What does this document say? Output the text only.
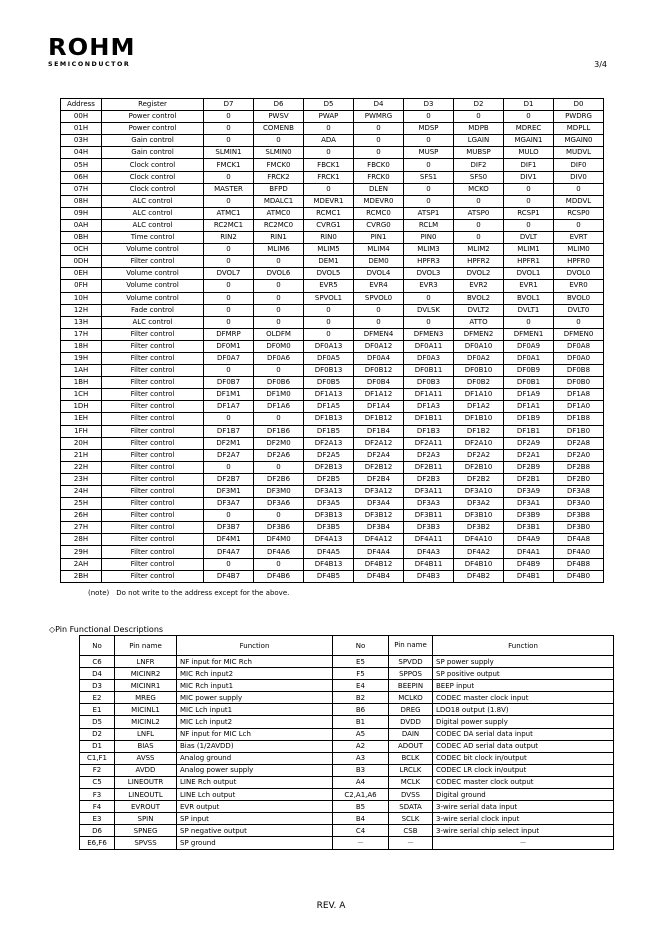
ROHM
SEMICONDUCTOR	3/4
Address	Register	D7	D6	D5	D4	D3	D2	D1	D0
00H	Power control	0	PWSV	PWAP	PWMRG	0	0	0	PWDRG
01H	Power control	0	COMENB	0	0	MDSP	MDPB	MDREC	MDPLL
03H	Gain control	0	0	ADA	0	0	LGAIN	MGAIN1	MGAIN0
04H	Gain control	SLMIN1	SLMIN0	0	0	MUSP	MUBSP	MULO	MUDVL
05H	Clock control	FMCK1	FMCK0	FBCK1	FBCK0	0	DIF2	DIF1	DIF0
06H	Clock control	0	FRCK2	FRCK1	FRCK0	SFS1	SFS0	DIV1	DIV0
07H	Clock control	MASTER	BFPD	0	DLEN	0	MCKO	0	0
08H	ALC control	0	MDALC1	MDEVR1	MDEVR0	0	0	0	MDDVL
09H	ALC control	ATMC1	ATMC0	RCMC1	RCMC0	ATSP1	ATSP0	RCSP1	RCSP0
0AH	ALC control	RC2MC1	RC2MC0	CVRG1	CVRG0	RCLM	0	0	0
0BH	Time control	RIN2	RIN1	RIN0	PIN1	PIN0	0	DVLT	EVRT
0CH	Volume control	0	MLIM6	MLIM5	MLIM4	MLIM3	MLIM2	MLIM1	MLIM0
0DH	Filter control	0	0	DEM1	DEM0	HPFR3	HPFR2	HPFR1	HPFR0
0EH	Volume control	DVOL7	DVOL6	DVOL5	DVOL4	DVOL3	DVOL2	DVOL1	DVOL0
0FH	Volume control	0	0	EVR5	EVR4	EVR3	EVR2	EVR1	EVR0
10H	Volume control	0	0	SPVOL1	SPVOL0	0	BVOL2	BVOL1	BVOL0
12H	Fade control	0	0	0	0	DVLSK	DVLT2	DVLT1	DVLT0
13H	ALC control	0	0	0	0	0	ATTO	0	0
17H	Filter control	DFMRP	OLDFM	0	DFMEN4	DFMEN3	DFMEN2	DFMEN1	DFMEN0
18H	Filter control	DF0M1	DF0M0	DF0A13	DF0A12	DF0A11	DF0A10	DF0A9	DF0A8
19H	Filter control	DF0A7	DF0A6	DF0A5	DF0A4	DF0A3	DF0A2	DF0A1	DF0A0
1AH	Filter control	0	0	DF0B13	DF0B12	DF0B11	DF0B10	DF0B9	DF0B8
1BH	Filter control	DF0B7	DF0B6	DF0B5	DF0B4	DF0B3	DF0B2	DF0B1	DF0B0
1CH	Filter control	DF1M1	DF1M0	DF1A13	DF1A12	DF1A11	DF1A10	DF1A9	DF1A8
1DH	Filter control	DF1A7	DF1A6	DF1A5	DF1A4	DF1A3	DF1A2	DF1A1	DF1A0
1EH	Filter control	0	0	DF1B13	DF1B12	DF1B11	DF1B10	DF1B9	DF1B8
1FH	Filter control	DF1B7	DF1B6	DF1B5	DF1B4	DF1B3	DF1B2	DF1B1	DF1B0
20H	Filter control	DF2M1	DF2M0	DF2A13	DF2A12	DF2A11	DF2A10	DF2A9	DF2A8
21H	Filter control	DF2A7	DF2A6	DF2A5	DF2A4	DF2A3	DF2A2	DF2A1	DF2A0
22H	Filter control	0	0	DF2B13	DF2B12	DF2B11	DF2B10	DF2B9	DF2B8
23H	Filter control	DF2B7	DF2B6	DF2B5	DF2B4	DF2B3	DF2B2	DF2B1	DF2B0
24H	Filter control	DF3M1	DF3M0	DF3A13	DF3A12	DF3A11	DF3A10	DF3A9	DF3A8
25H	Filter control	DF3A7	DF3A6	DF3A5	DF3A4	DF3A3	DF3A2	DF3A1	DF3A0
26H	Filter control	0	0	DF3B13	DF3B12	DF3B11	DF3B10	DF3B9	DF3B8
27H	Filter control	DF3B7	DF3B6	DF3B5	DF3B4	DF3B3	DF3B2	DF3B1	DF3B0
28H	Filter control	DF4M1	DF4M0	DF4A13	DF4A12	DF4A11	DF4A10	DF4A9	DF4A8
29H	Filter control	DF4A7	DF4A6	DF4A5	DF4A4	DF4A3	DF4A2	DF4A1	DF4A0
2AH	Filter control	0	0	DF4B13	DF4B12	DF4B11	DF4B10	DF4B9	DF4B8
2BH	Filter control	DF4B7	DF4B6	DF4B5	DF4B4	DF4B3	DF4B2	DF4B1	DF4B0
(note)　Do not write to the address except for the above.
◇Pin Functional Descriptions
No	Pin name	Function	No	Pin name	Function
C6	LNFR	NF input for MIC Rch	E5	SPVDD	SP power supply
D4	MICINR2	MIC Rch input2	F5	SPPOS	SP positive output
D3	MICINR1	MIC Rch input1	E4	BEEPIN	BEEP input
E2	MREG	MIC power supply	B2	MCLKO	CODEC master clock input
E1	MICINL1	MIC Lch input1	B6	DREG	LDO18 output (1.8V)
D5	MICINL2	MIC Lch input2	B1	DVDD	Digital power supply
D2	LNFL	NF input for MIC Lch	A5	DAIN	CODEC DA serial data input
D1	BIAS	Bias (1/2AVDD)	A2	ADOUT	CODEC AD serial data output
C1,F1	AVSS	Analog ground	A3	BCLK	CODEC bit clock in/output
F2	AVDD	Analog power supply	B3	LRCLK	CODEC LR clock in/output
C5	LINEOUTR	LINE Rch output	A4	MCLK	CODEC master clock output
F3	LINEOUTL	LINE Lch output	C2,A1,A6	DVSS	Digital ground
F4	EVROUT	EVR output	B5	SDATA	3-wire serial data input
E3	SPIN	SP input	B4	SCLK	3-wire serial clock input
D6	SPNEG	SP negative output	C4	CSB	3-wire serial chip select input
E6,F6	SPVSS	SP ground	－	－	－
REV. A
